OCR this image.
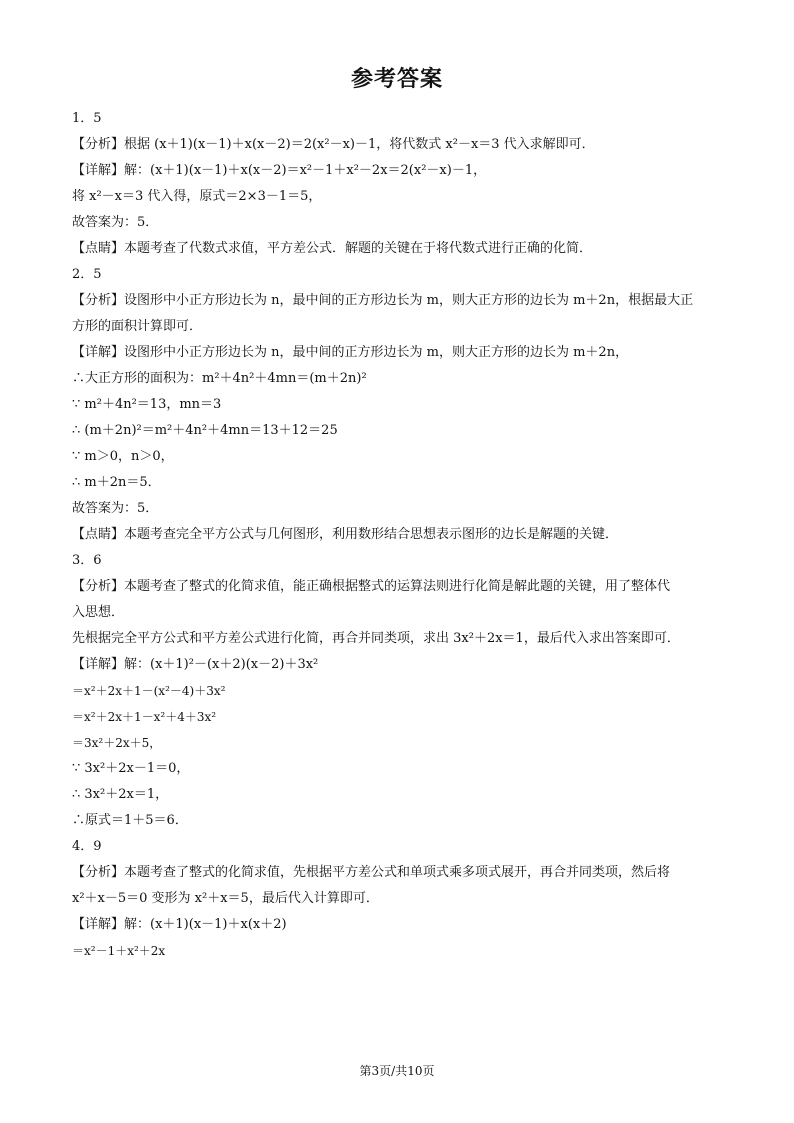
参考答案
1．5
【分析】根据 (x＋1)(x－1)＋x(x－2)＝2(x²－x)－1，将代数式 x²－x＝3 代入求解即可．
【详解】解：(x＋1)(x－1)＋x(x－2)＝x²－1＋x²－2x＝2(x²－x)－1，
将 x²－x＝3 代入得，原式＝2×3－1＝5，
故答案为：5．
【点睛】本题考查了代数式求值，平方差公式．解题的关键在于将代数式进行正确的化简．
2．5
【分析】设图形中小正方形边长为 n，最中间的正方形边长为 m，则大正方形的边长为 m＋2n，根据最大正
方形的面积计算即可．
【详解】设图形中小正方形边长为 n，最中间的正方形边长为 m，则大正方形的边长为 m＋2n，
∴大正方形的面积为：m²＋4n²＋4mn＝(m＋2n)²
∵ m²＋4n²＝13，mn＝3
∴ (m＋2n)²＝m²＋4n²＋4mn＝13＋12＝25
∵ m＞0，n＞0，
∴ m＋2n＝5．
故答案为：5．
【点睛】本题考查完全平方公式与几何图形，利用数形结合思想表示图形的边长是解题的关键．
3．6
【分析】本题考查了整式的化简求值，能正确根据整式的运算法则进行化简是解此题的关键，用了整体代
入思想．
先根据完全平方公式和平方差公式进行化简，再合并同类项，求出 3x²＋2x＝1，最后代入求出答案即可．
【详解】解：(x＋1)²－(x＋2)(x－2)＋3x²
＝x²＋2x＋1－(x²－4)＋3x²
＝x²＋2x＋1－x²＋4＋3x²
＝3x²＋2x＋5，
∵ 3x²＋2x－1＝0，
∴ 3x²＋2x＝1，
∴原式＝1＋5＝6．
4．9
【分析】本题考查了整式的化简求值，先根据平方差公式和单项式乘多项式展开，再合并同类项，然后将
x²＋x－5＝0 变形为 x²＋x＝5，最后代入计算即可．
【详解】解：(x＋1)(x－1)＋x(x＋2)
＝x²－1＋x²＋2x
第3页/共10页
